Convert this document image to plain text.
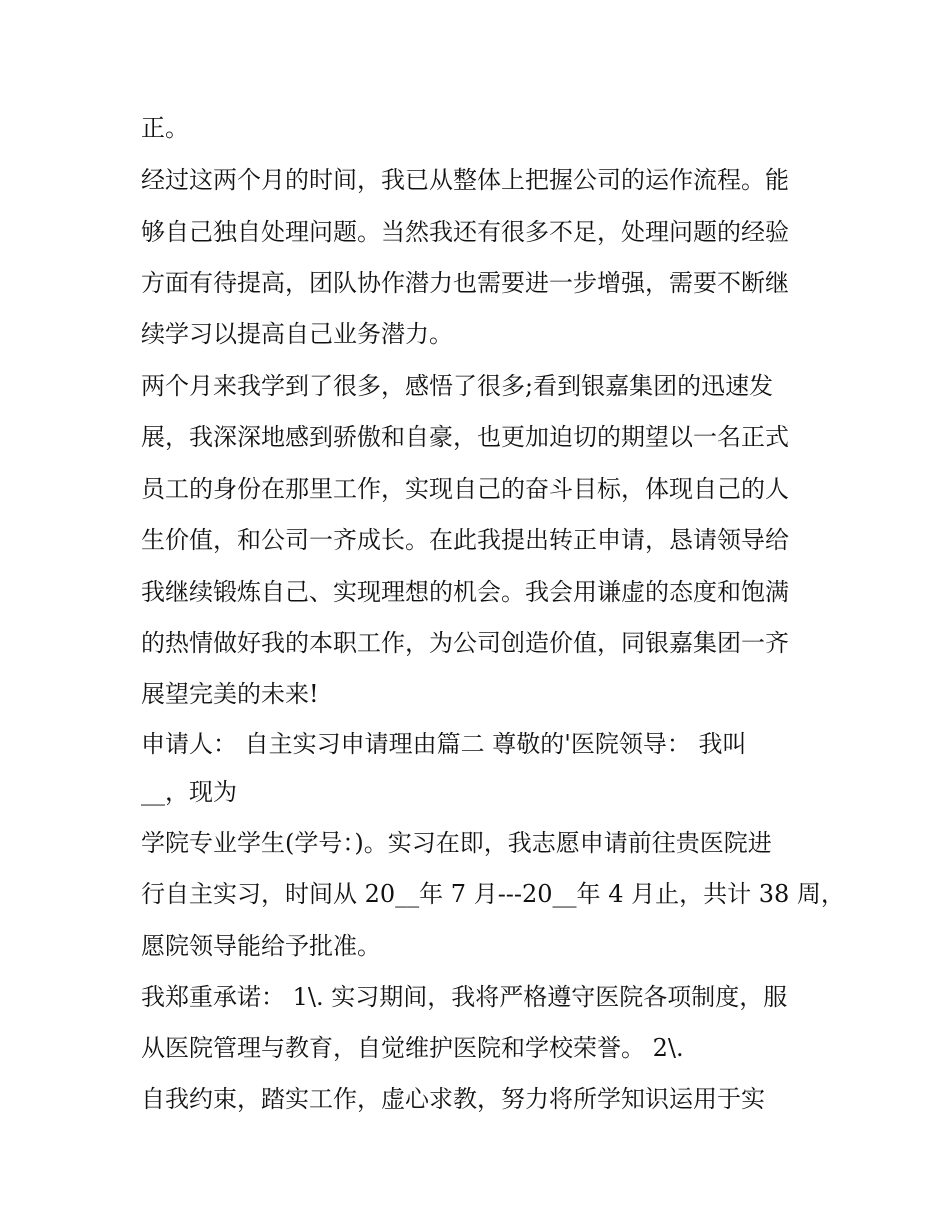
正。
经过这两个月的时间，我已从整体上把握公司的运作流程。能
够自己独自处理问题。当然我还有很多不足，处理问题的经验
方面有待提高，团队协作潜力也需要进一步增强，需要不断继
续学习以提高自己业务潜力。
两个月来我学到了很多，感悟了很多;看到银嘉集团的迅速发
展，我深深地感到骄傲和自豪，也更加迫切的期望以一名正式
员工的身份在那里工作，实现自己的奋斗目标，体现自己的人
生价值，和公司一齐成长。在此我提出转正申请，恳请领导给
我继续锻炼自己、实现理想的机会。我会用谦虚的态度和饱满
的热情做好我的本职工作，为公司创造价值，同银嘉集团一齐
展望完美的未来!
申请人： 自主实习申请理由篇二 尊敬的'医院领导： 我叫
__，现为
学院专业学生(学号：)。实习在即，我志愿申请前往贵医院进
行自主实习，时间从 20__年 7 月---20__年 4 月止，共计 38 周，
愿院领导能给予批准。
我郑重承诺： 1\. 实习期间，我将严格遵守医院各项制度，服
从医院管理与教育，自觉维护医院和学校荣誉。 2\.
自我约束，踏实工作，虚心求教，努力将所学知识运用于实
